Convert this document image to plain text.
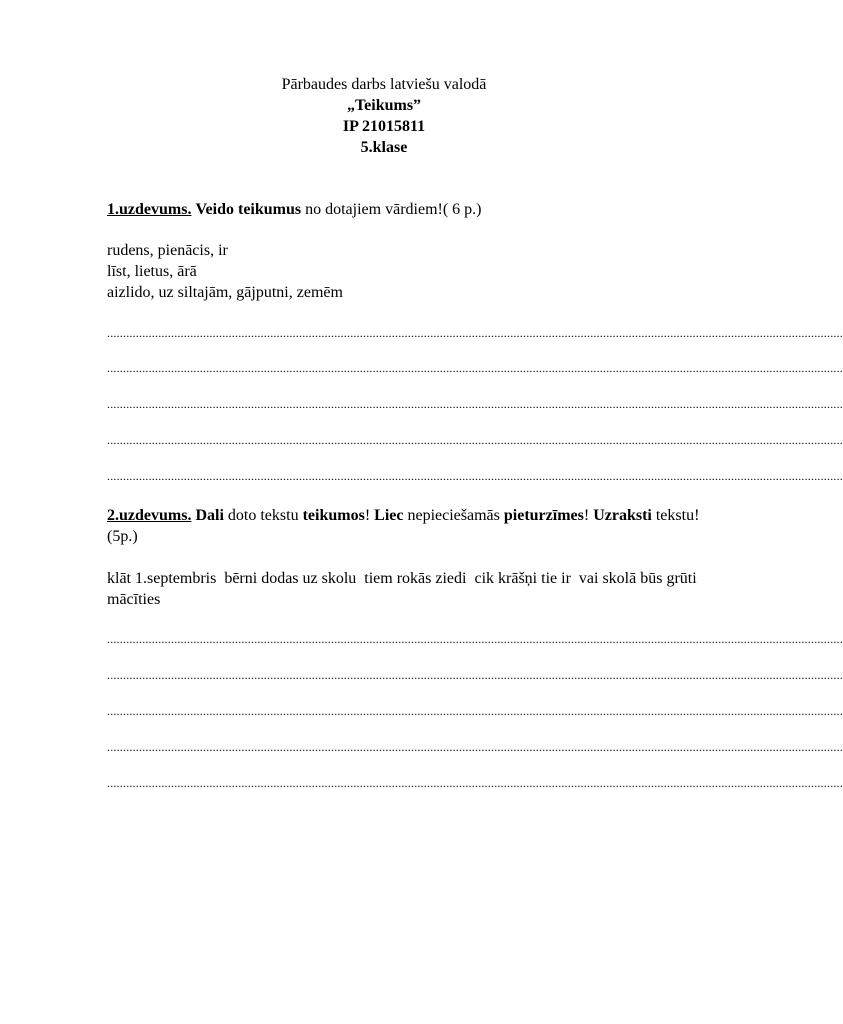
Pārbaudes darbs latviešu valodā
„Teikums”
IP 21015811
5.klase
1.uzdevums. Veido teikumus no dotajiem vārdiem!( 6 p.)
rudens, pienācis, ir
līst, lietus, ārā
aizlido, uz siltajām, gājputni, zemēm
......................................................................................................................................................................................................................................
......................................................................................................................................................................................................................................
......................................................................................................................................................................................................................................
......................................................................................................................................................................................................................................
......................................................................................................................................................................................................................................
2.uzdevums. Dali doto tekstu teikumos! Liec nepieciešamās pieturzīmes! Uzraksti tekstu!(5p.)
klāt 1.septembris  bērni dodas uz skolu  tiem rokās ziedi  cik krāšņi tie ir  vai skolā būs grūti mācīties
......................................................................................................................................................................................................................................
......................................................................................................................................................................................................................................
......................................................................................................................................................................................................................................
......................................................................................................................................................................................................................................
......................................................................................................................................................................................................................................
